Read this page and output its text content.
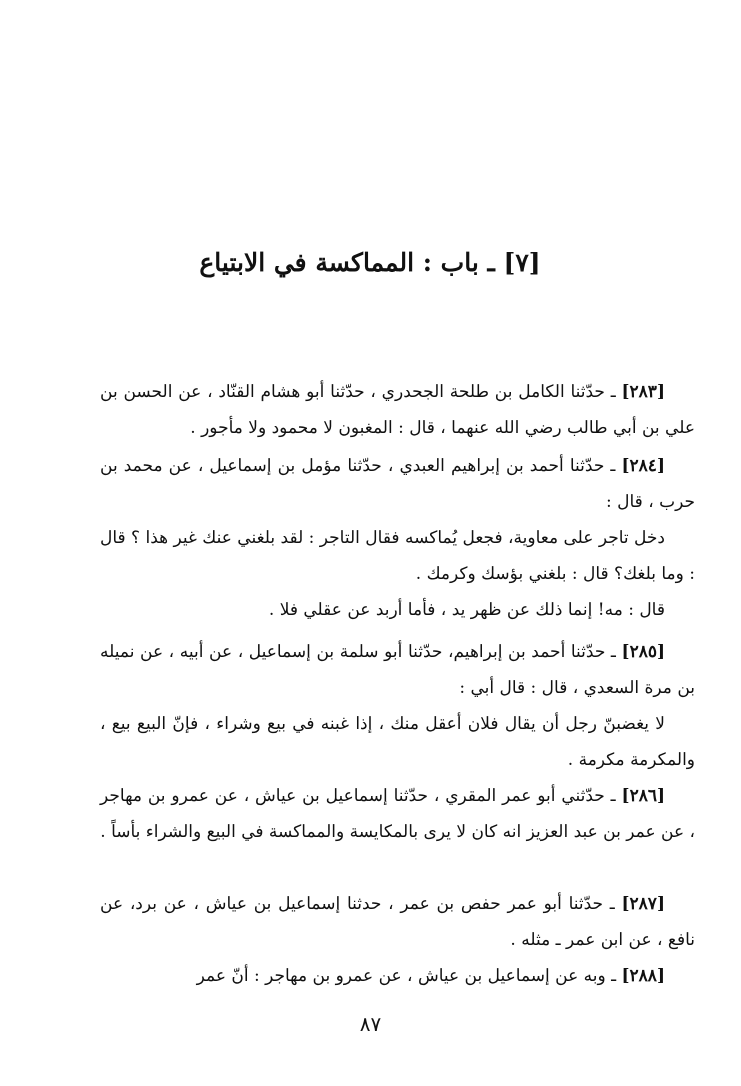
[٧] ـ باب : المماكسة في الابتياع

[٢٨٣] ـ حدّثنا الكامل بن طلحة الجحدري ، حدّثنا أبو هشام القنّاد ، عن الحسن بن علي بن أبي طالب رضي الله عنهما ، قال : المغبون لا محمود ولا مأجور .

[٢٨٤] ـ حدّثنا أحمد بن إبراهيم العبدي ، حدّثنا مؤمل بن إسماعيل ، عن محمد بن حرب ، قال :

دخل تاجر على معاوية، فجعل يُماكسه فقال التاجر : لقد بلغني عنك غير هذا ؟ قال : وما بلغك؟ قال : بلغني بؤسك وكرمك .

قال : مه! إنما ذلك عن ظهر يد ، فأما أربد عن عقلي فلا .

[٢٨٥] ـ حدّثنا أحمد بن إبراهيم، حدّثنا أبو سلمة بن إسماعيل ، عن أبيه ، عن نميله بن مرة السعدي ، قال : قال أبي :

لا يغضبنّ رجل أن يقال فلان أعقل منك ، إذا غبنه في بيع وشراء ، فإنّ البيع بيع ، والمكرمة مكرمة .

[٢٨٦] ـ حدّثني أبو عمر المقري ، حدّثنا إسماعيل بن عياش ، عن عمرو بن مهاجر ، عن عمر بن عبد العزيز انه كان لا يرى بالمكايسة والمماكسة في البيع والشراء بأساً .

[٢٨٧] ـ حدّثنا أبو عمر حفص بن عمر ، حدثنا إسماعيل بن عياش ، عن برد، عن نافع ، عن ابن عمر ـ مثله .

[٢٨٨] ـ وبه عن إسماعيل بن عياش ، عن عمرو بن مهاجر : أنّ عمر

٨٧
